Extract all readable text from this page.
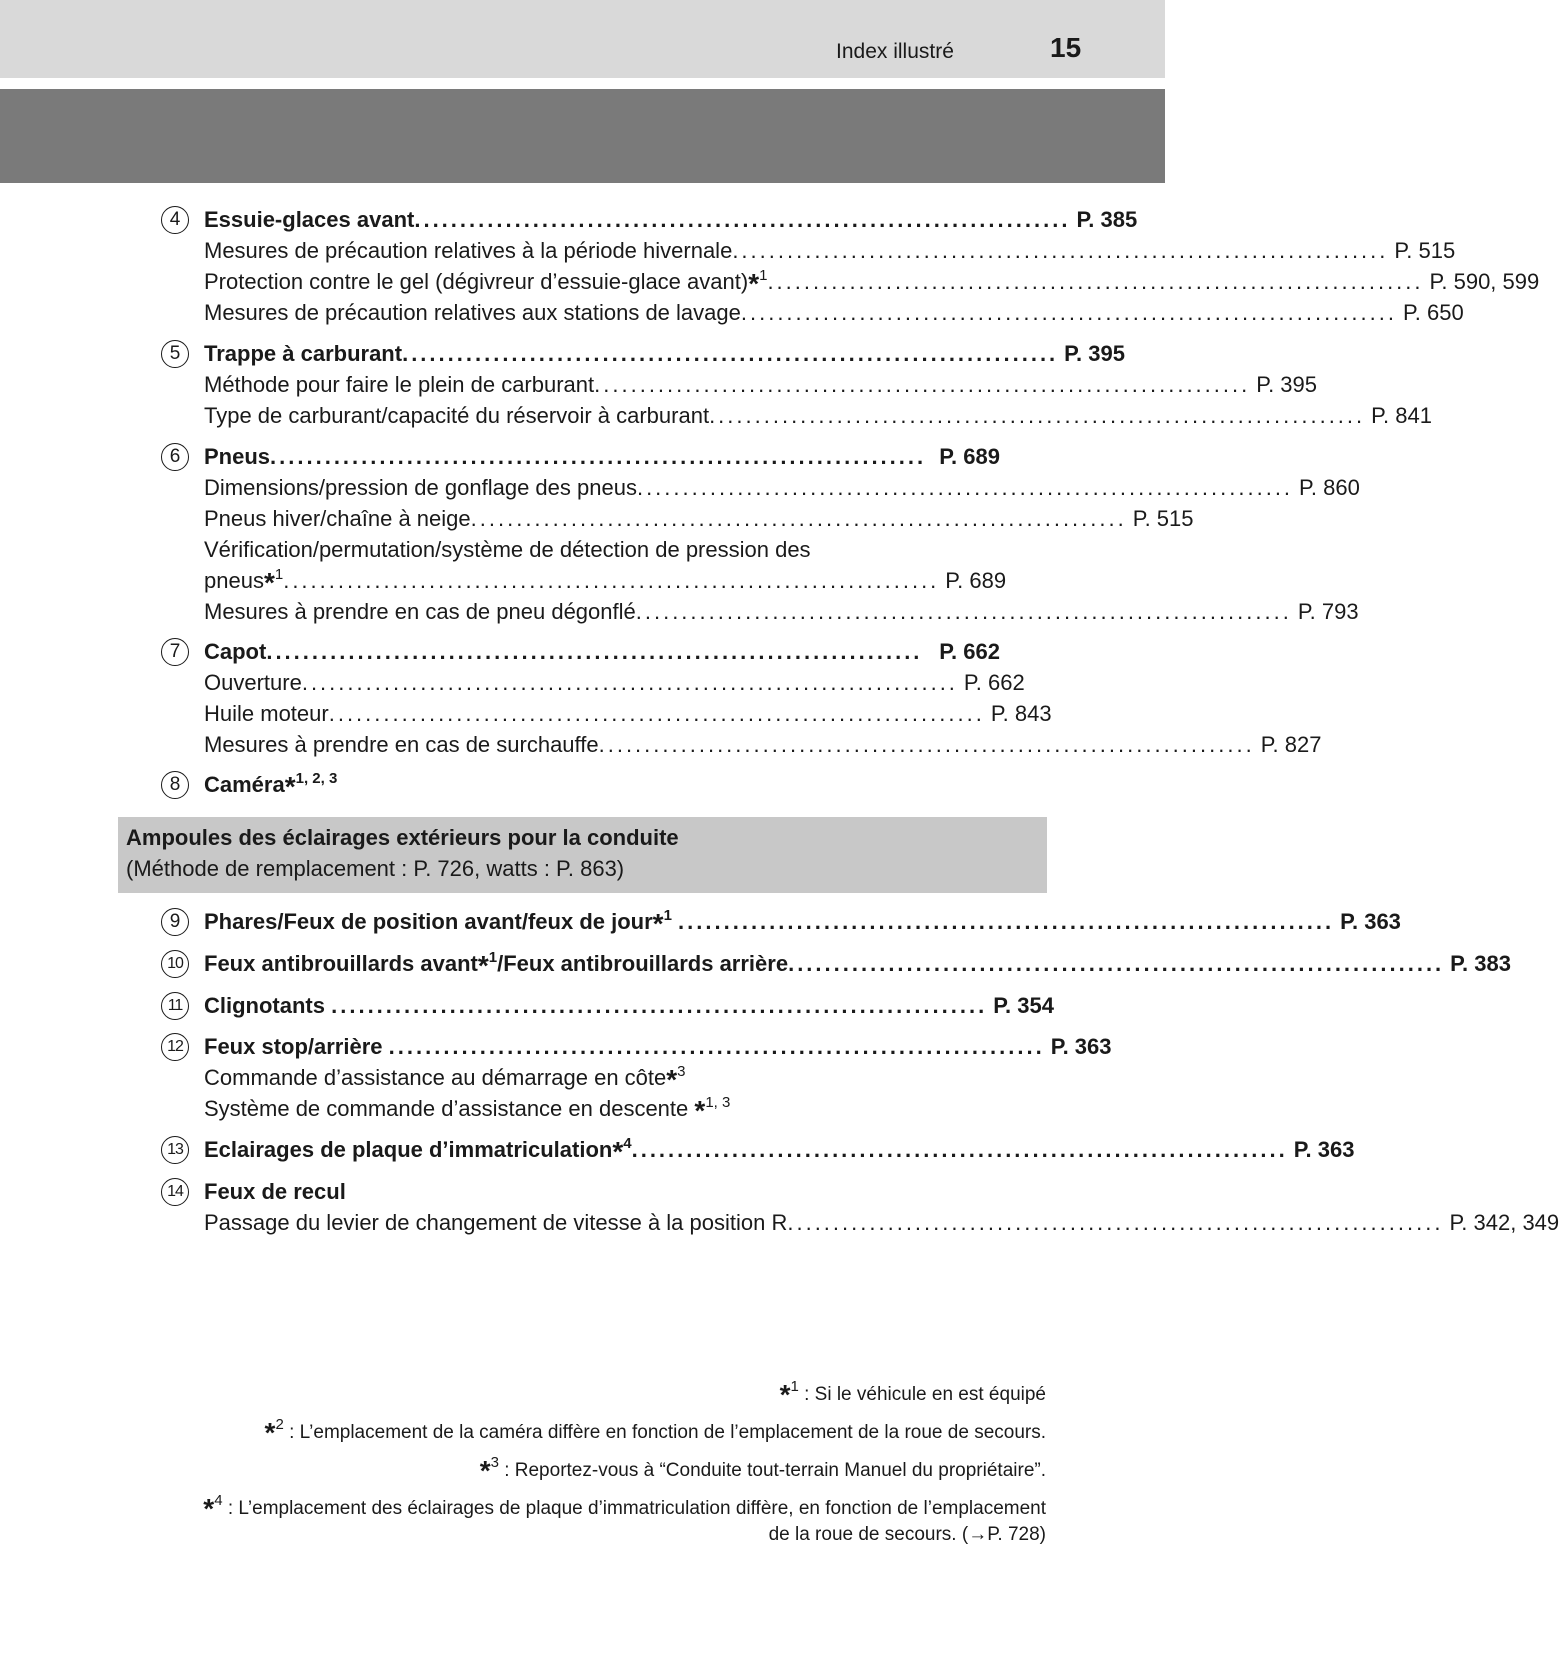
Index illustré	15
4	Essuie-glaces avant ........................................................................ P. 385
Mesures de précaution relatives à la période hivernale ........................................................................ P. 515
Protection contre le gel (dégivreur d’essuie-glace avant)*$^1$ ........................................................................ P. 590, 599
Mesures de précaution relatives aux stations de lavage ........................................................................ P. 650
5	Trappe à carburant ........................................................................ P. 395
Méthode pour faire le plein de carburant ........................................................................ P. 395
Type de carburant/capacité du réservoir à carburant ........................................................................ P. 841
6	Pneus ........................................................................ P. 689
Dimensions/pression de gonflage des pneus ........................................................................ P. 860
Pneus hiver/chaîne à neige ........................................................................ P. 515
Vérification/permutation/système de détection de pression des
pneus*$^1$ ........................................................................ P. 689
Mesures à prendre en cas de pneu dégonflé ........................................................................ P. 793
7	Capot ........................................................................ P. 662
Ouverture ........................................................................ P. 662
Huile moteur ........................................................................ P. 843
Mesures à prendre en cas de surchauffe ........................................................................ P. 827
8	Caméra*$^{1, 2, 3}$
Ampoules des éclairages extérieurs pour la conduite
(Méthode de remplacement : P. 726, watts : P. 863)
9	Phares/Feux de position avant/feux de jour*$^1$ ........................................................................ P. 363
10 Feux antibrouillards avant*$^1$/Feux antibrouillards arrière ........................................................................ P. 383
11 Clignotants ........................................................................ P. 354
12 Feux stop/arrière ........................................................................ P. 363
Commande d’assistance au démarrage en côte*$^3$
Système de commande d’assistance en descente *$^{1, 3}$
13 Eclairages de plaque d’immatriculation*$^4$ ........................................................................ P. 363
14 Feux de recul
Passage du levier de changement de vitesse à la position R ........................................................................ P. 342, 349
*$^1$ : Si le véhicule en est équipé
*$^2$ : L’emplacement de la caméra diffère en fonction de l’emplacement de la roue de secours.
*$^3$ : Reportez-vous à “Conduite tout-terrain Manuel du propriétaire”.
*$^4$ : L’emplacement des éclairages de plaque d’immatriculation diffère, en fonction de l’emplacement
de la roue de secours. (→P. 728)
